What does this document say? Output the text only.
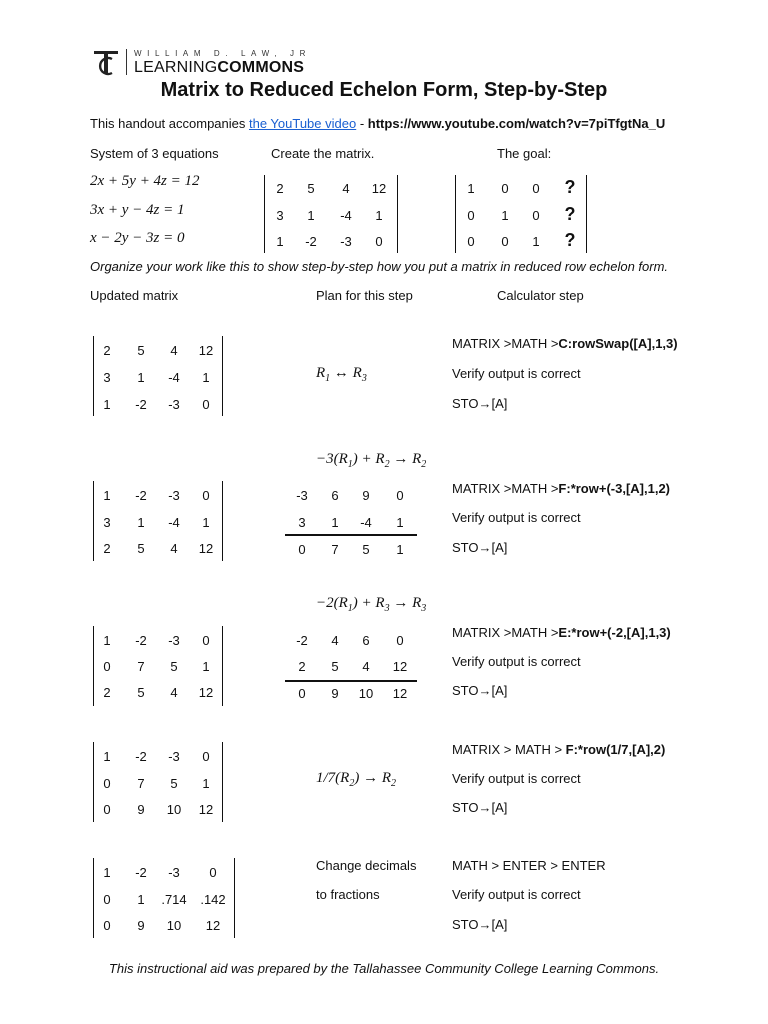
WILLIAM D. LAW, JR
LEARNINGCOMMONS
Matrix to Reduced Echelon Form, Step-by-Step
This handout accompanies the YouTube video - https://www.youtube.com/watch?v=7piTfgtNa_U
System of 3 equations	Create the matrix.	The goal:
2x + 5y + 4z = 12
3x + y − 4z = 1
x − 2y − 3z = 0
2	5	4	12
3	1	-4	1
1	-2	-3	0
1	0	0	?
0	1	0	?
0	0	1	?
Organize your work like this to show step-by-step how you put a matrix in reduced row echelon form.
Updated matrix	Plan for this step	Calculator step
2	5	4	12
3	1	-4	1
1	-2	-3	0
$R_1$ ↔ $R_3$
MATRIX >MATH >C:rowSwap([A],1,3)
Verify output is correct
STO→[A]
$-3(R_1) + R_2 \to R_2$
1	-2	-3	0
3	1	-4	1
2	5	4	12
-3	6	9	0
3	1	-4	1
0	7	5	1
MATRIX >MATH >F:*row+(-3,[A],1,2)
Verify output is correct
STO→[A]
$-2(R_1) + R_3 \to R_3$
1	-2	-3	0
0	7	5	1
2	5	4	12
-2	4	6	0
2	5	4	12
0	9	10	12
MATRIX >MATH >E:*row+(-2,[A],1,3)
Verify output is correct
STO→[A]
1	-2	-3	0
0	7	5	1
0	9	10	12
$1/7(R_2) \to R_2$
MATRIX > MATH > F:*row(1/7,[A],2)
Verify output is correct
STO→[A]
1	-2	-3	0
0	1	.714	.142
0	9	10	12
Change decimals
to fractions
MATH > ENTER > ENTER
Verify output is correct
STO→[A]
This instructional aid was prepared by the Tallahassee Community College Learning Commons.
